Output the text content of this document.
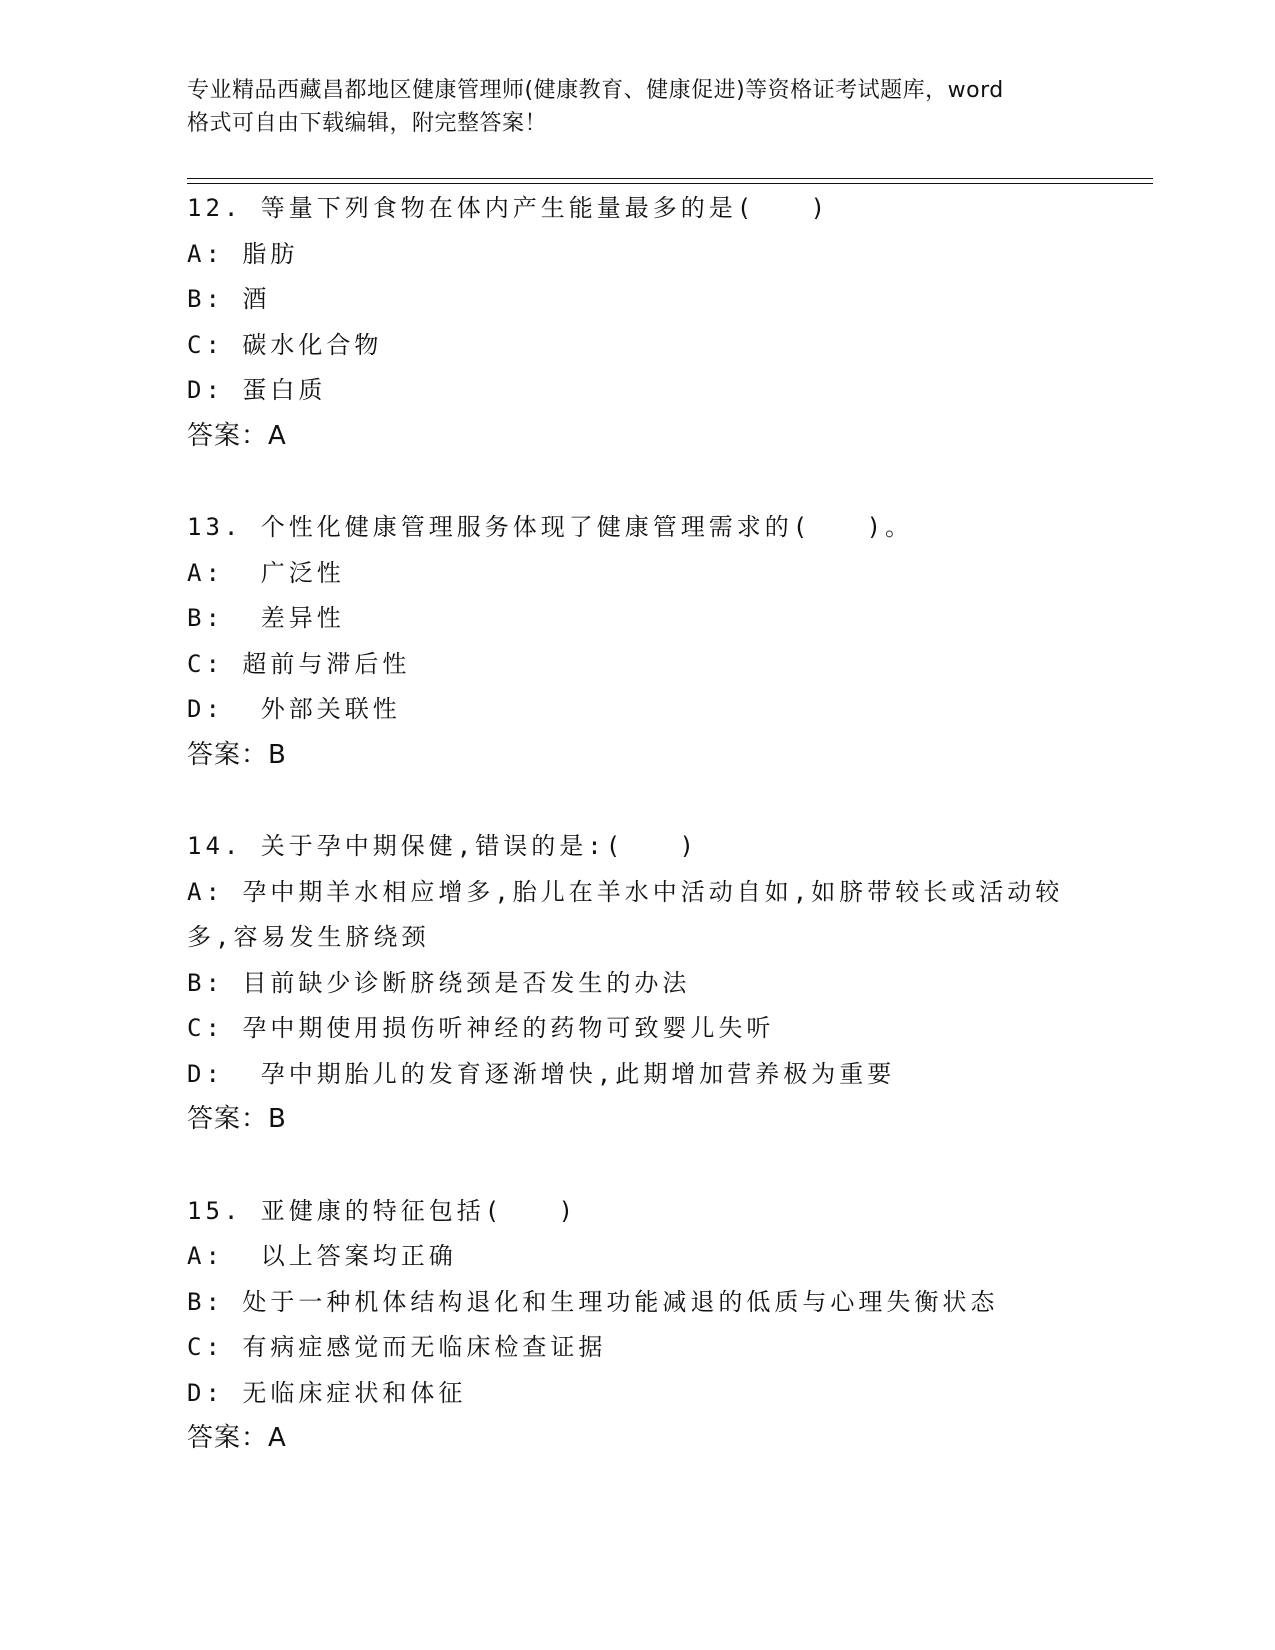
专业精品西藏昌都地区健康管理师(健康教育、健康促进)等资格证考试题库，word
格式可自由下载编辑，附完整答案！
12. 等量下列食物在体内产生能量最多的是(   )
A: 脂肪
B: 酒
C: 碳水化合物
D: 蛋白质
答案：A
13. 个性化健康管理服务体现了健康管理需求的(   )。
A:  广泛性
B:  差异性
C: 超前与滞后性
D:  外部关联性
答案：B
14. 关于孕中期保健,错误的是:(   )
A: 孕中期羊水相应增多,胎儿在羊水中活动自如,如脐带较长或活动较多,容易发生脐绕颈
B: 目前缺少诊断脐绕颈是否发生的办法
C: 孕中期使用损伤听神经的药物可致婴儿失听
D:  孕中期胎儿的发育逐渐增快,此期增加营养极为重要
答案：B
15. 亚健康的特征包括(   )
A:  以上答案均正确
B: 处于一种机体结构退化和生理功能减退的低质与心理失衡状态
C: 有病症感觉而无临床检查证据
D: 无临床症状和体征
答案：A
